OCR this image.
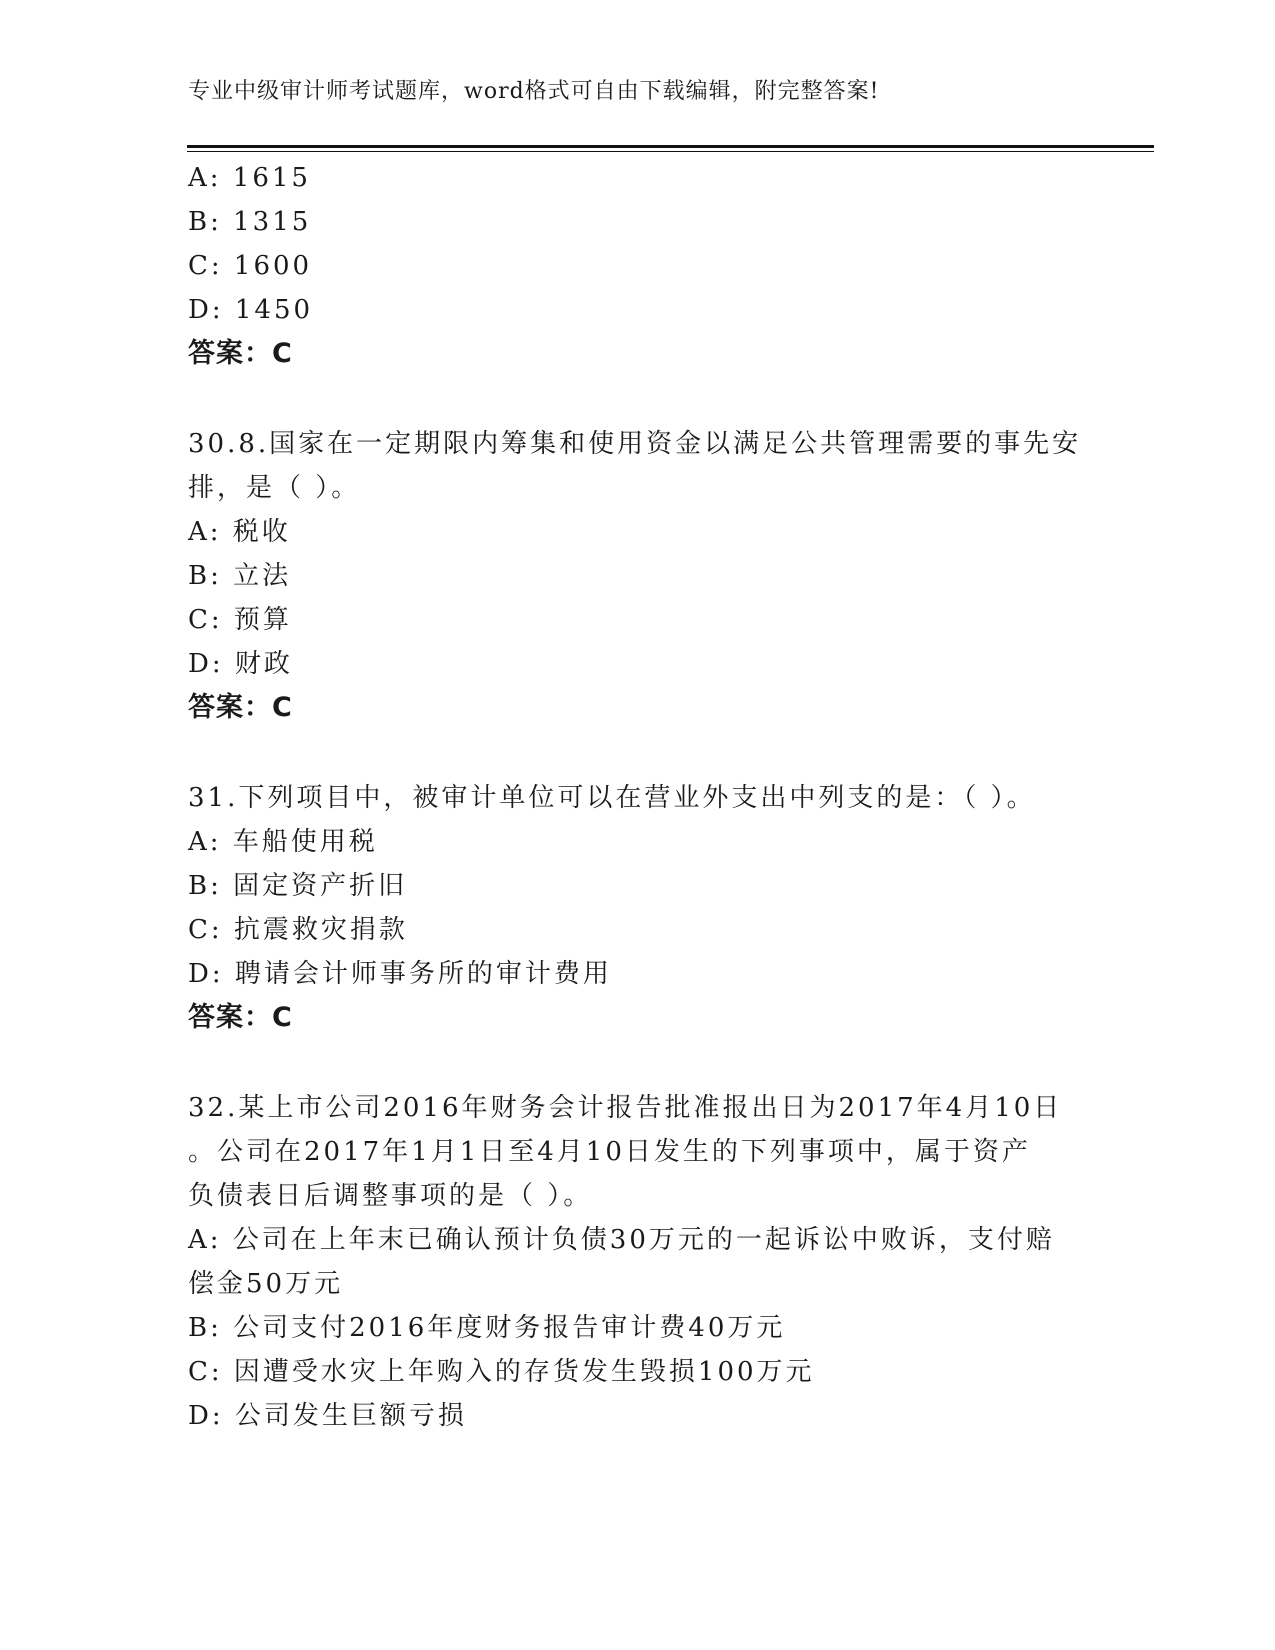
专业中级审计师考试题库，word格式可自由下载编辑，附完整答案!
A: 1615
B: 1315
C: 1600
D: 1450
答案：C
30.8.国家在一定期限内筹集和使用资金以满足公共管理需要的事先安
排，是（ ）。
A: 税收
B: 立法
C: 预算
D: 财政
答案：C
31.下列项目中，被审计单位可以在营业外支出中列支的是：（ ）。
A: 车船使用税
B: 固定资产折旧
C: 抗震救灾捐款
D: 聘请会计师事务所的审计费用
答案：C
32.某上市公司2016年财务会计报告批准报出日为2017年4月10日
。公司在2017年1月1日至4月10日发生的下列事项中，属于资产
负债表日后调整事项的是（ ）。
A: 公司在上年末已确认预计负债30万元的一起诉讼中败诉，支付赔
偿金50万元
B: 公司支付2016年度财务报告审计费40万元
C: 因遭受水灾上年购入的存货发生毁损100万元
D: 公司发生巨额亏损
